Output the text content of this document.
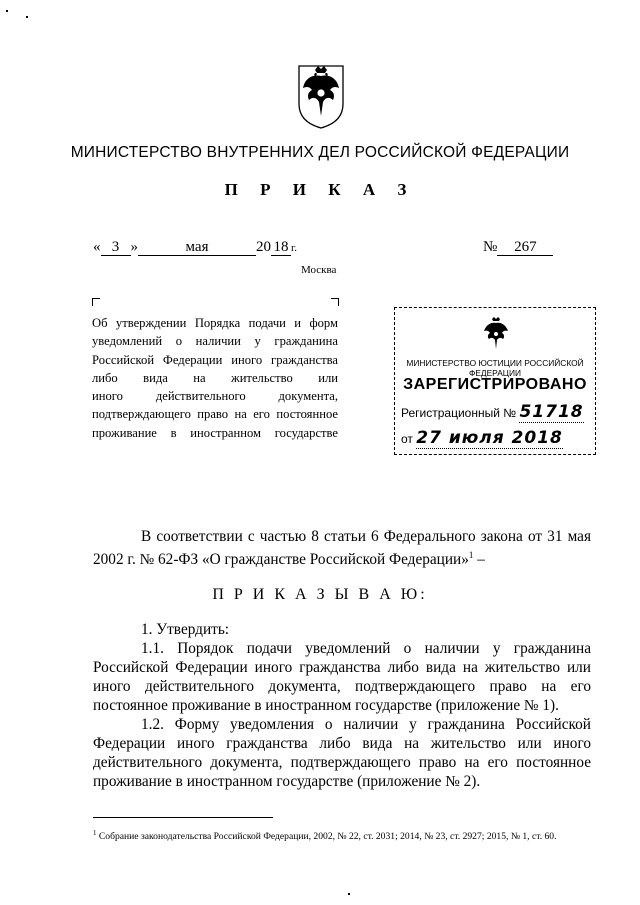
МИНИСТЕРСТВО ВНУТРЕННИХ ДЕЛ РОССИЙСКОЙ ФЕДЕРАЦИИ
П Р И К А З
« 3 »	мая	20 18 г.	№ 267
Москва
Об утверждении Порядка подачи и форм
уведомлений о наличии у гражданина
Российской Федерации иного гражданства
либо вида на жительство или
иного действительного документа,
подтверждающего право на его постоянное
проживание в иностранном государстве
МИНИСТЕРСТВО ЮСТИЦИИ РОССИЙСКОЙ ФЕДЕРАЦИИ
ЗАРЕГИСТРИРОВАНО
Регистрационный № 51718
от 27 июля 2018
В соответствии с частью 8 статьи 6 Федерального закона от 31 мая 2002 г. № 62-ФЗ «О гражданстве Российской Федерации»$^1$ –
П Р И К А З Ы В А Ю:
1. Утвердить:
1.1. Порядок подачи уведомлений о наличии у гражданина Российской Федерации иного гражданства либо вида на жительство или иного действительного документа, подтверждающего право на его постоянное проживание в иностранном государстве (приложение № 1).
1.2. Форму уведомления о наличии у гражданина Российской Федерации иного гражданства либо вида на жительство или иного действительного документа, подтверждающего право на его постоянное проживание в иностранном государстве (приложение № 2).
$^1$ Собрание законодательства Российской Федерации, 2002, № 22, ст. 2031; 2014, № 23, ст. 2927; 2015, № 1, ст. 60.
